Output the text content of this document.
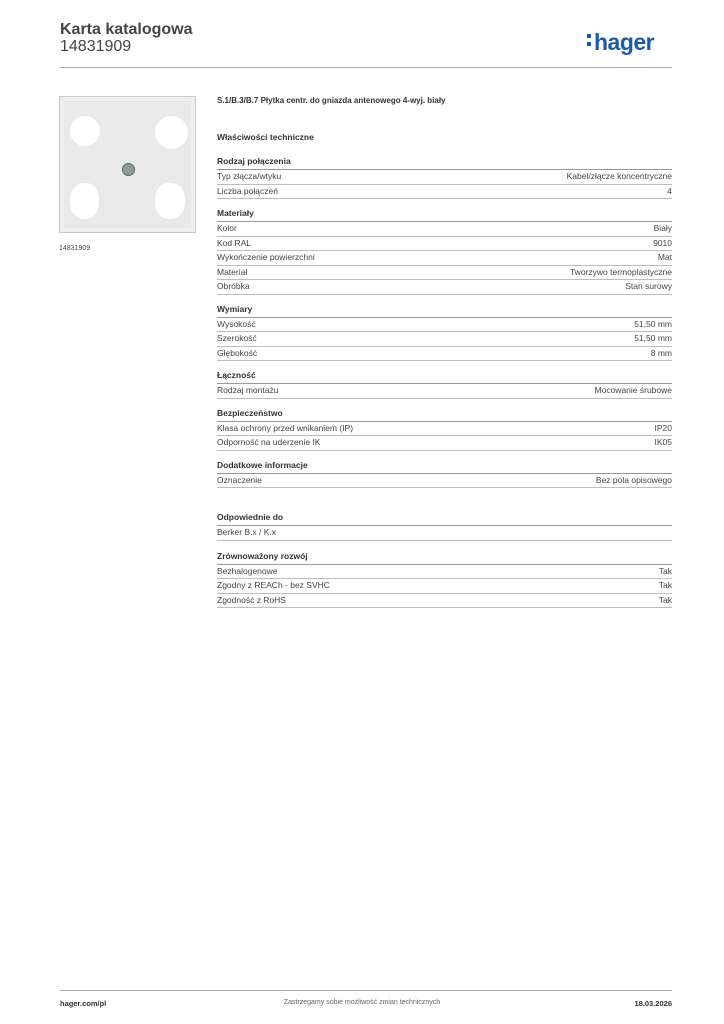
Karta katalogowa
14831909	hager
14831909
S.1/B.3/B.7 Płytka centr. do gniazda antenowego 4-wyj. biały
Właściwości techniczne
Rodzaj połączenia
Typ złącza/wtyku	Kabel/złącze koncentryczne
Liczba połączeń	4
Materiały
Kolor	Biały
Kod RAL	9010
Wykończenie powierzchni	Mat
Materiał	Tworzywo termoplastyczne
Obróbka	Stan surowy
Wymiary
Wysokość	51,50 mm
Szerokość	51,50 mm
Głębokość	8 mm
Łączność
Rodzaj montażu	Mocowanie śrubowe
Bezpieczeństwo
Klasa ochrony przed wnikaniem (IP)	IP20
Odporność na uderzenie IK	IK05
Dodatkowe informacje
Oznaczenie	Bez pola opisowego
Odpowiednie do
Berker B.x / K.x
Zrównoważony rozwój
Bezhalogenowe	Tak
Zgodny z REACh - bez SVHC	Tak
Zgodność z RoHS	Tak
hager.com/pl	Zastrzegamy sobie możliwość zmian technicznych	18.03.2026
